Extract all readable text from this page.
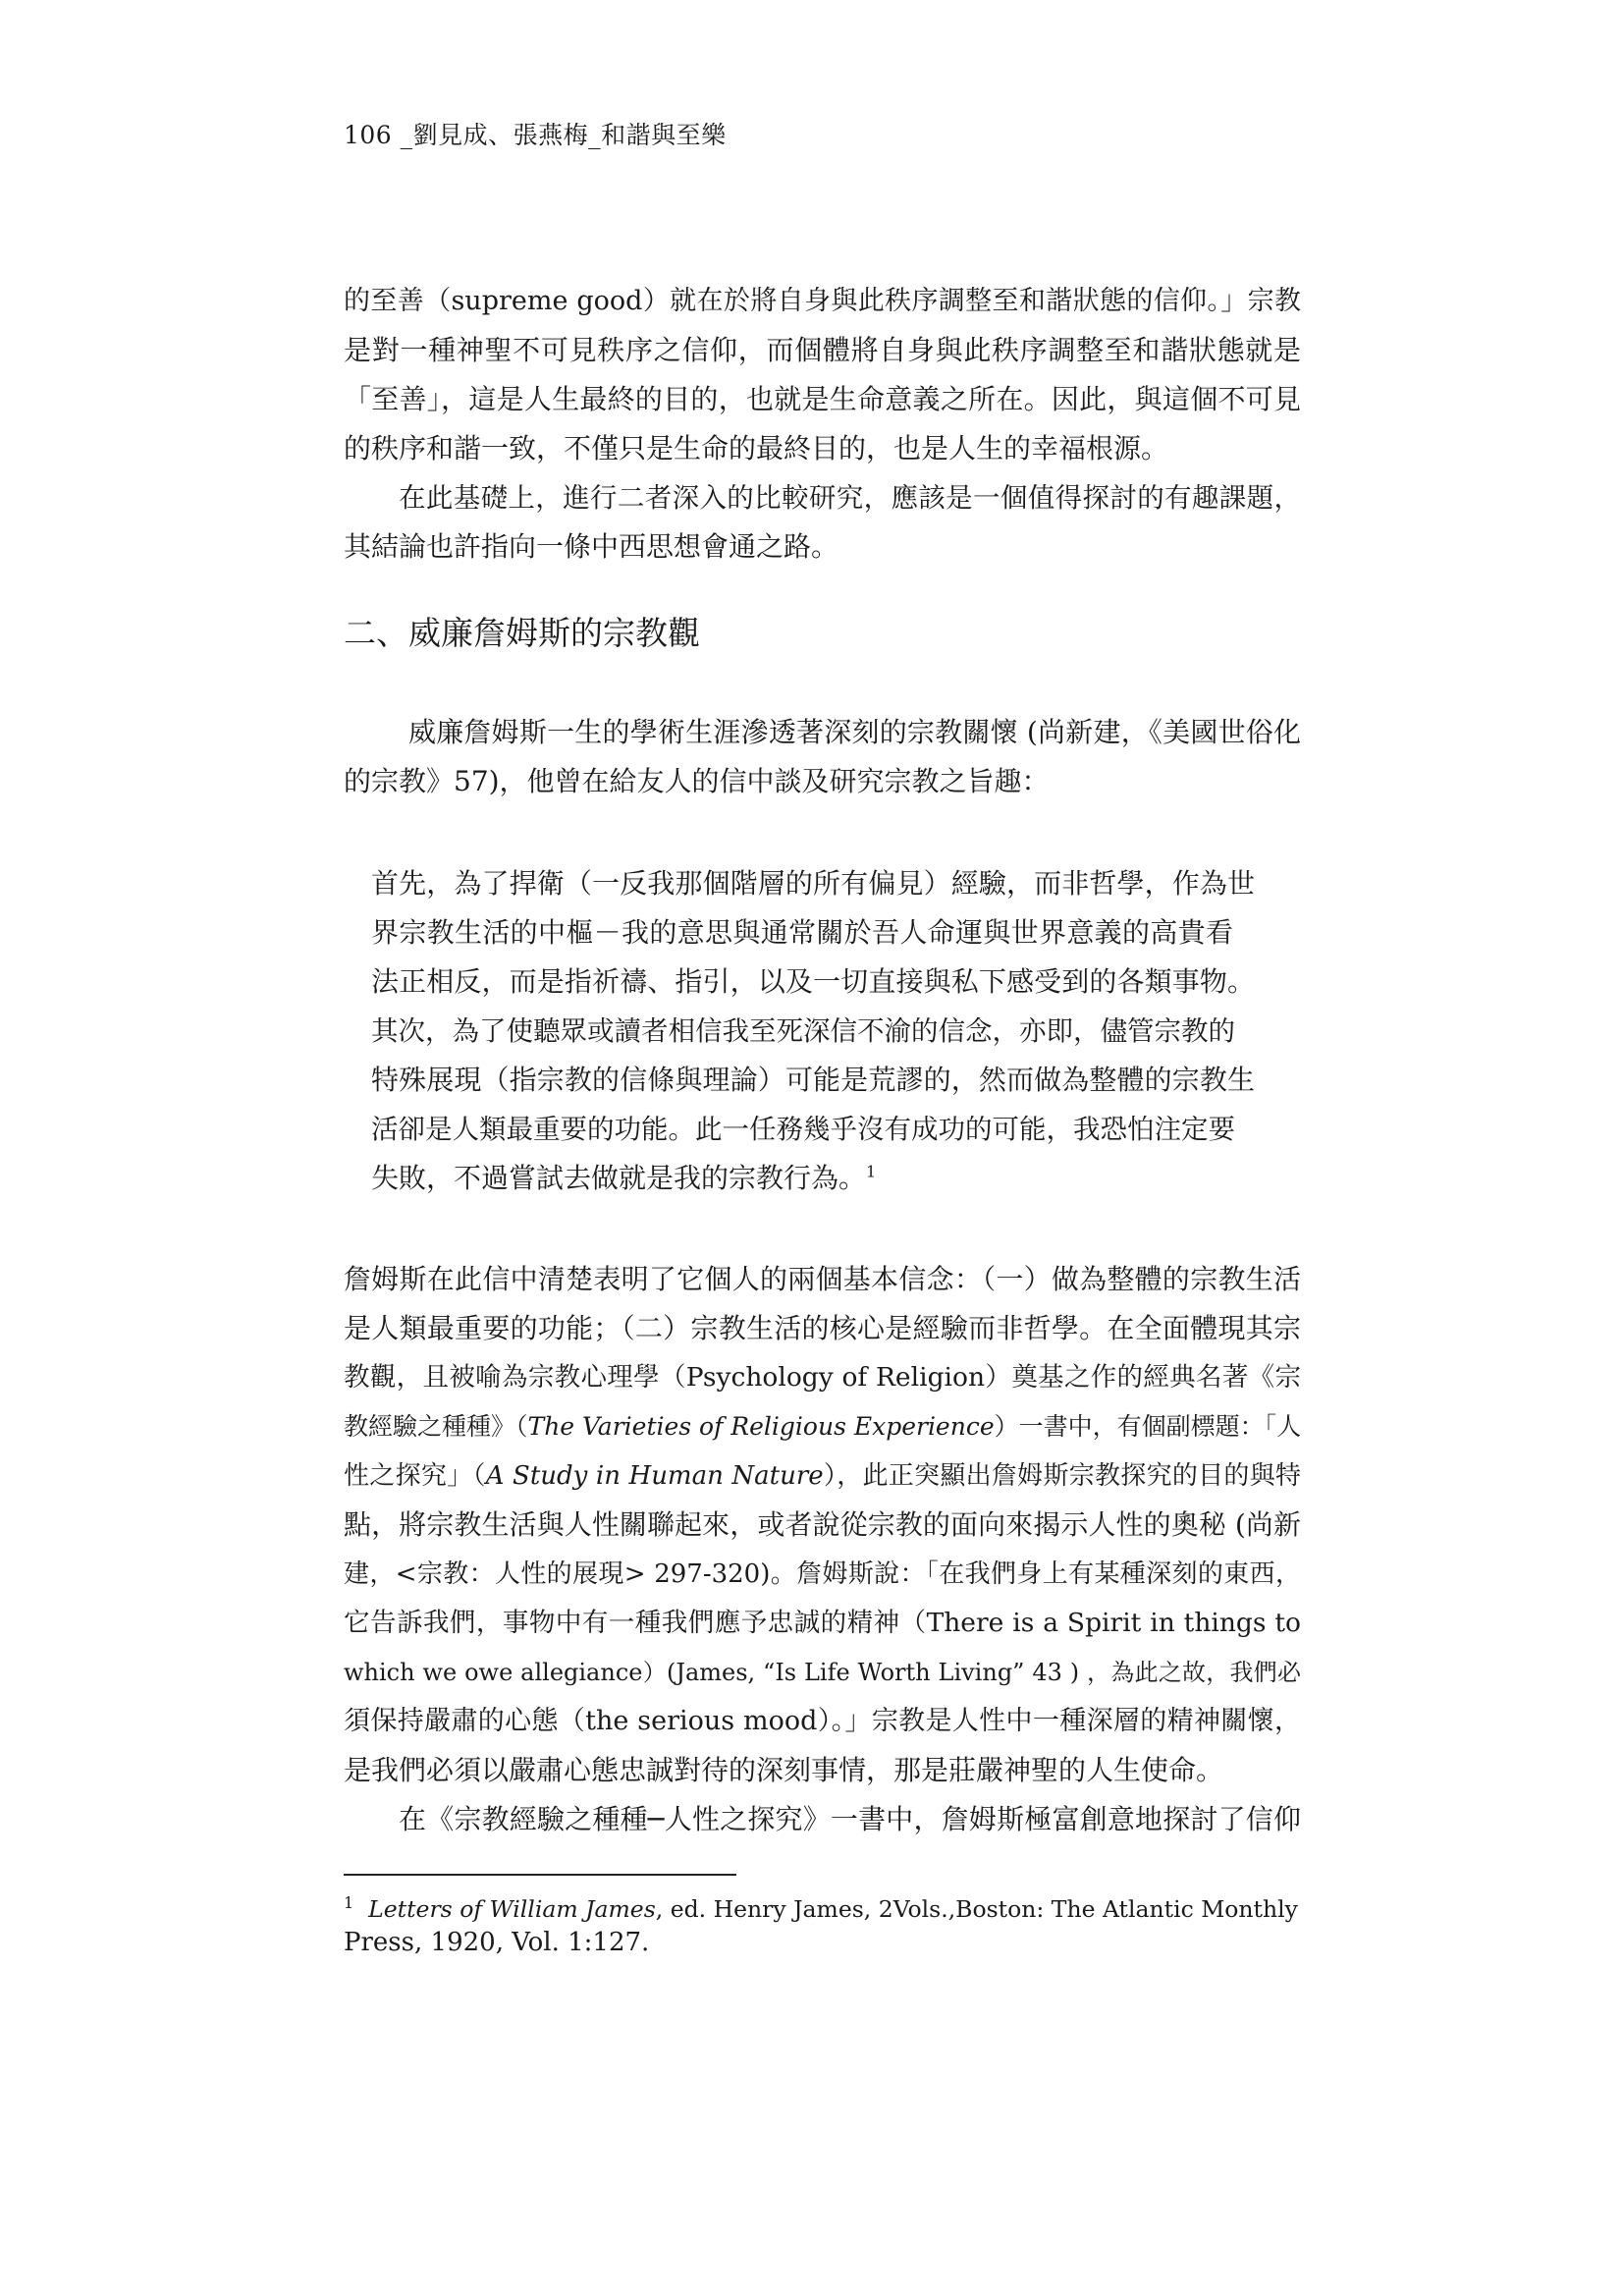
106 _劉見成、張燕梅_和諧與至樂
的至善（supreme good）就在於將自身與此秩序調整至和諧狀態的信仰。」宗教
是對一種神聖不可見秩序之信仰，而個體將自身與此秩序調整至和諧狀態就是
「至善」，這是人生最終的目的，也就是生命意義之所在。因此，與這個不可見
的秩序和諧一致，不僅只是生命的最終目的，也是人生的幸福根源。
在此基礎上，進行二者深入的比較研究，應該是一個值得探討的有趣課題，
其結論也許指向一條中西思想會通之路。
二、威廉詹姆斯的宗教觀
威廉詹姆斯一生的學術生涯滲透著深刻的宗教關懷 (尚新建，《美國世俗化
的宗教》57)，他曾在給友人的信中談及研究宗教之旨趣：
首先，為了捍衛（一反我那個階層的所有偏見）經驗，而非哲學，作為世
界宗教生活的中樞－我的意思與通常關於吾人命運與世界意義的高貴看
法正相反，而是指祈禱、指引，以及一切直接與私下感受到的各類事物。
其次，為了使聽眾或讀者相信我至死深信不渝的信念，亦即，儘管宗教的
特殊展現（指宗教的信條與理論）可能是荒謬的，然而做為整體的宗教生
活卻是人類最重要的功能。此一任務幾乎沒有成功的可能，我恐怕注定要
失敗，不過嘗試去做就是我的宗教行為。$^1$
詹姆斯在此信中清楚表明了它個人的兩個基本信念：（一）做為整體的宗教生活
是人類最重要的功能；（二）宗教生活的核心是經驗而非哲學。在全面體現其宗
教觀，且被喻為宗教心理學（Psychology of Religion）奠基之作的經典名著《宗
教經驗之種種》（The Varieties of Religious Experience）一書中，有個副標題：「人
性之探究」（A Study in Human Nature），此正突顯出詹姆斯宗教探究的目的與特
點，將宗教生活與人性關聯起來，或者說從宗教的面向來揭示人性的奧秘 (尚新
建，<宗教：人性的展現> 297-320)。詹姆斯說：「在我們身上有某種深刻的東西，
它告訴我們，事物中有一種我們應予忠誠的精神（There is a Spirit in things to
which we owe allegiance）(James, “Is Life Worth Living” 43 ) ，為此之故，我們必
須保持嚴肅的心態（the serious mood）。」宗教是人性中一種深層的精神關懷，
是我們必須以嚴肅心態忠誠對待的深刻事情，那是莊嚴神聖的人生使命。
在《宗教經驗之種種─人性之探究》一書中，詹姆斯極富創意地探討了信仰
$^1$ Letters of William James, ed. Henry James, 2Vols.,Boston: The Atlantic Monthly
Press, 1920, Vol. 1:127.
